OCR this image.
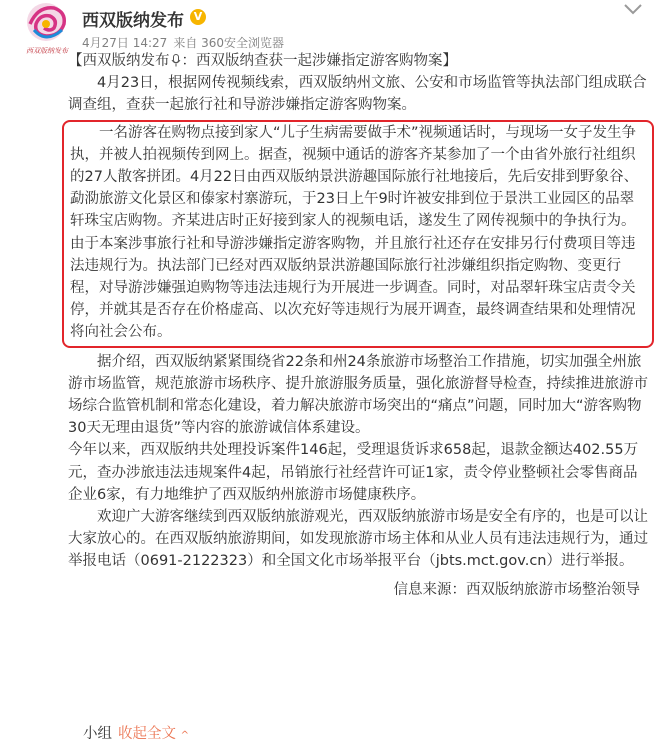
西双版纳发布
西双版纳发布 V
4月27日 14:27 来自 360安全浏览器

【西双版纳发布 ：西双版纳查获一起涉嫌指定游客购物案】

　　4月23日，根据网传视频线索，西双版纳州文旅、公安和市场监管等执法部门组成联合调查组，查获一起旅行社和导游涉嫌指定游客购物案。

　　一名游客在购物点接到家人“儿子生病需要做手术”视频通话时，与现场一女子发生争执，并被人拍视频传到网上。据查，视频中通话的游客齐某参加了一个由省外旅行社组织的27人散客拼团。4月22日由西双版纳景洪游趣国际旅行社地接后，先后安排到野象谷、勐泐旅游文化景区和傣家村寨游玩，于23日上午9时许被安排到位于景洪工业园区的品翠轩珠宝店购物。齐某进店时正好接到家人的视频电话，遂发生了网传视频中的争执行为。

由于本案涉事旅行社和导游涉嫌指定游客购物，并且旅行社还存在安排另行付费项目等违法违规行为。执法部门已经对西双版纳景洪游趣国际旅行社涉嫌组织指定购物、变更行程，对导游涉嫌强迫购物等违法违规行为开展进一步调查。同时，对品翠轩珠宝店责令关停，并就其是否存在价格虚高、以次充好等违规行为展开调查，最终调查结果和处理情况将向社会公布。

　　据介绍，西双版纳紧紧围绕省22条和州24条旅游市场整治工作措施，切实加强全州旅游市场监管，规范旅游市场秩序、提升旅游服务质量，强化旅游督导检查，持续推进旅游市场综合监管机制和常态化建设，着力解决旅游市场突出的“痛点”问题，同时加大“游客购物30天无理由退货”等内容的旅游诚信体系建设。

今年以来，西双版纳共处理投诉案件146起，受理退货诉求658起，退款金额达402.55万元，查办涉旅违法违规案件4起，吊销旅行社经营许可证1家，责令停业整顿社会零售商品企业6家，有力地维护了西双版纳州旅游市场健康秩序。

　　欢迎广大游客继续到西双版纳旅游观光，西双版纳旅游市场是安全有序的，也是可以让大家放心的。在西双版纳旅游期间，如发现旅游市场主体和从业人员有违法违规行为，通过举报电话（0691-2122323）和全国文化市场举报平台（jbts.mct.gov.cn）进行举报。

信息来源：西双版纳旅游市场整治领导

小组 收起全文 ^
